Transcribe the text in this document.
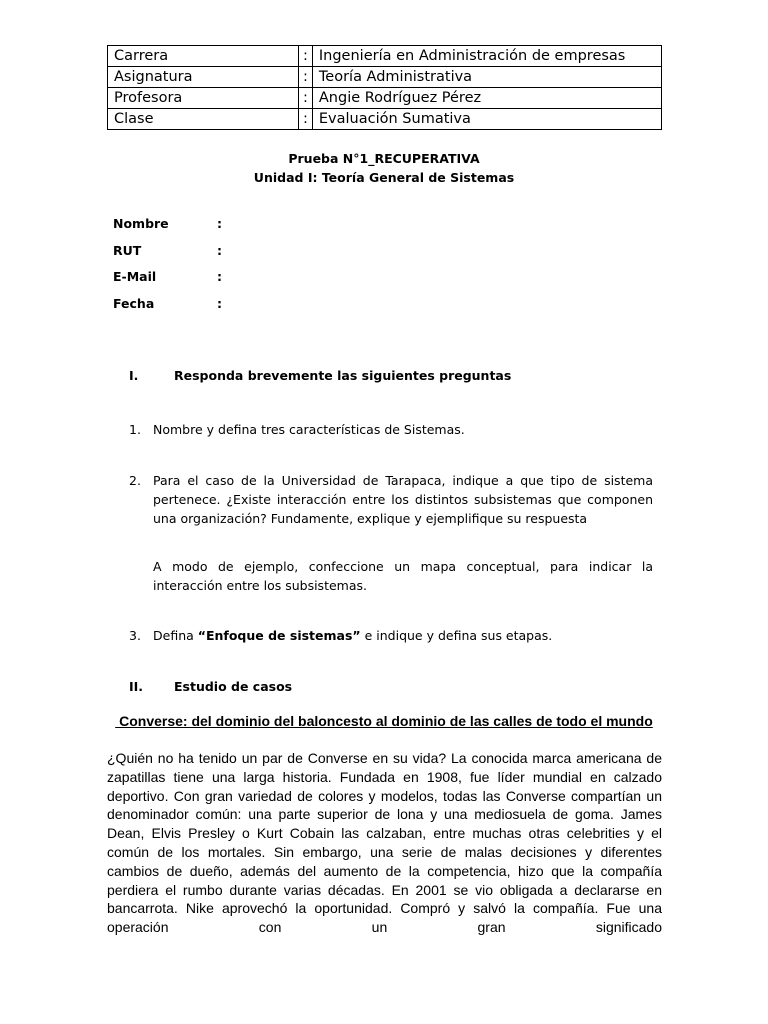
Carrera	:	Ingeniería en Administración de empresas
Asignatura	:	Teoría Administrativa
Profesora	:	Angie Rodríguez Pérez
Clase	:	Evaluación Sumativa
Prueba N°1_RECUPERATIVA
Unidad I: Teoría General de Sistemas
Nombre	:
RUT	:
E-Mail	:
Fecha	:
I.	Responda brevemente las siguientes preguntas
1. Nombre y defina tres características de Sistemas.
2. Para el caso de la Universidad de Tarapaca, indique a que tipo de sistema pertenece. ¿Existe interacción entre los distintos subsistemas que componen una organización? Fundamente, explique y ejemplifique su respuesta
A modo de ejemplo, confeccione un mapa conceptual, para indicar la interacción entre los subsistemas.
3. Defina “Enfoque de sistemas” e indique y defina sus etapas.
II. Estudio de casos
Converse: del dominio del baloncesto al dominio de las calles de todo el mundo
¿Quién no ha tenido un par de Converse en su vida? La conocida marca americana de zapatillas tiene una larga historia. Fundada en 1908, fue líder mundial en calzado deportivo. Con gran variedad de colores y modelos, todas las Converse compartían un denominador común: una parte superior de lona y una mediosuela de goma. James Dean, Elvis Presley o Kurt Cobain las calzaban, entre muchas otras celebrities y el común de los mortales. Sin embargo, una serie de malas decisiones y diferentes cambios de dueño, además del aumento de la competencia, hizo que la compañía perdiera el rumbo durante varias décadas. En 2001 se vio obligada a declararse en bancarrota. Nike aprovechó la oportunidad. Compró y salvó la compañía. Fue una operación con un gran significado
